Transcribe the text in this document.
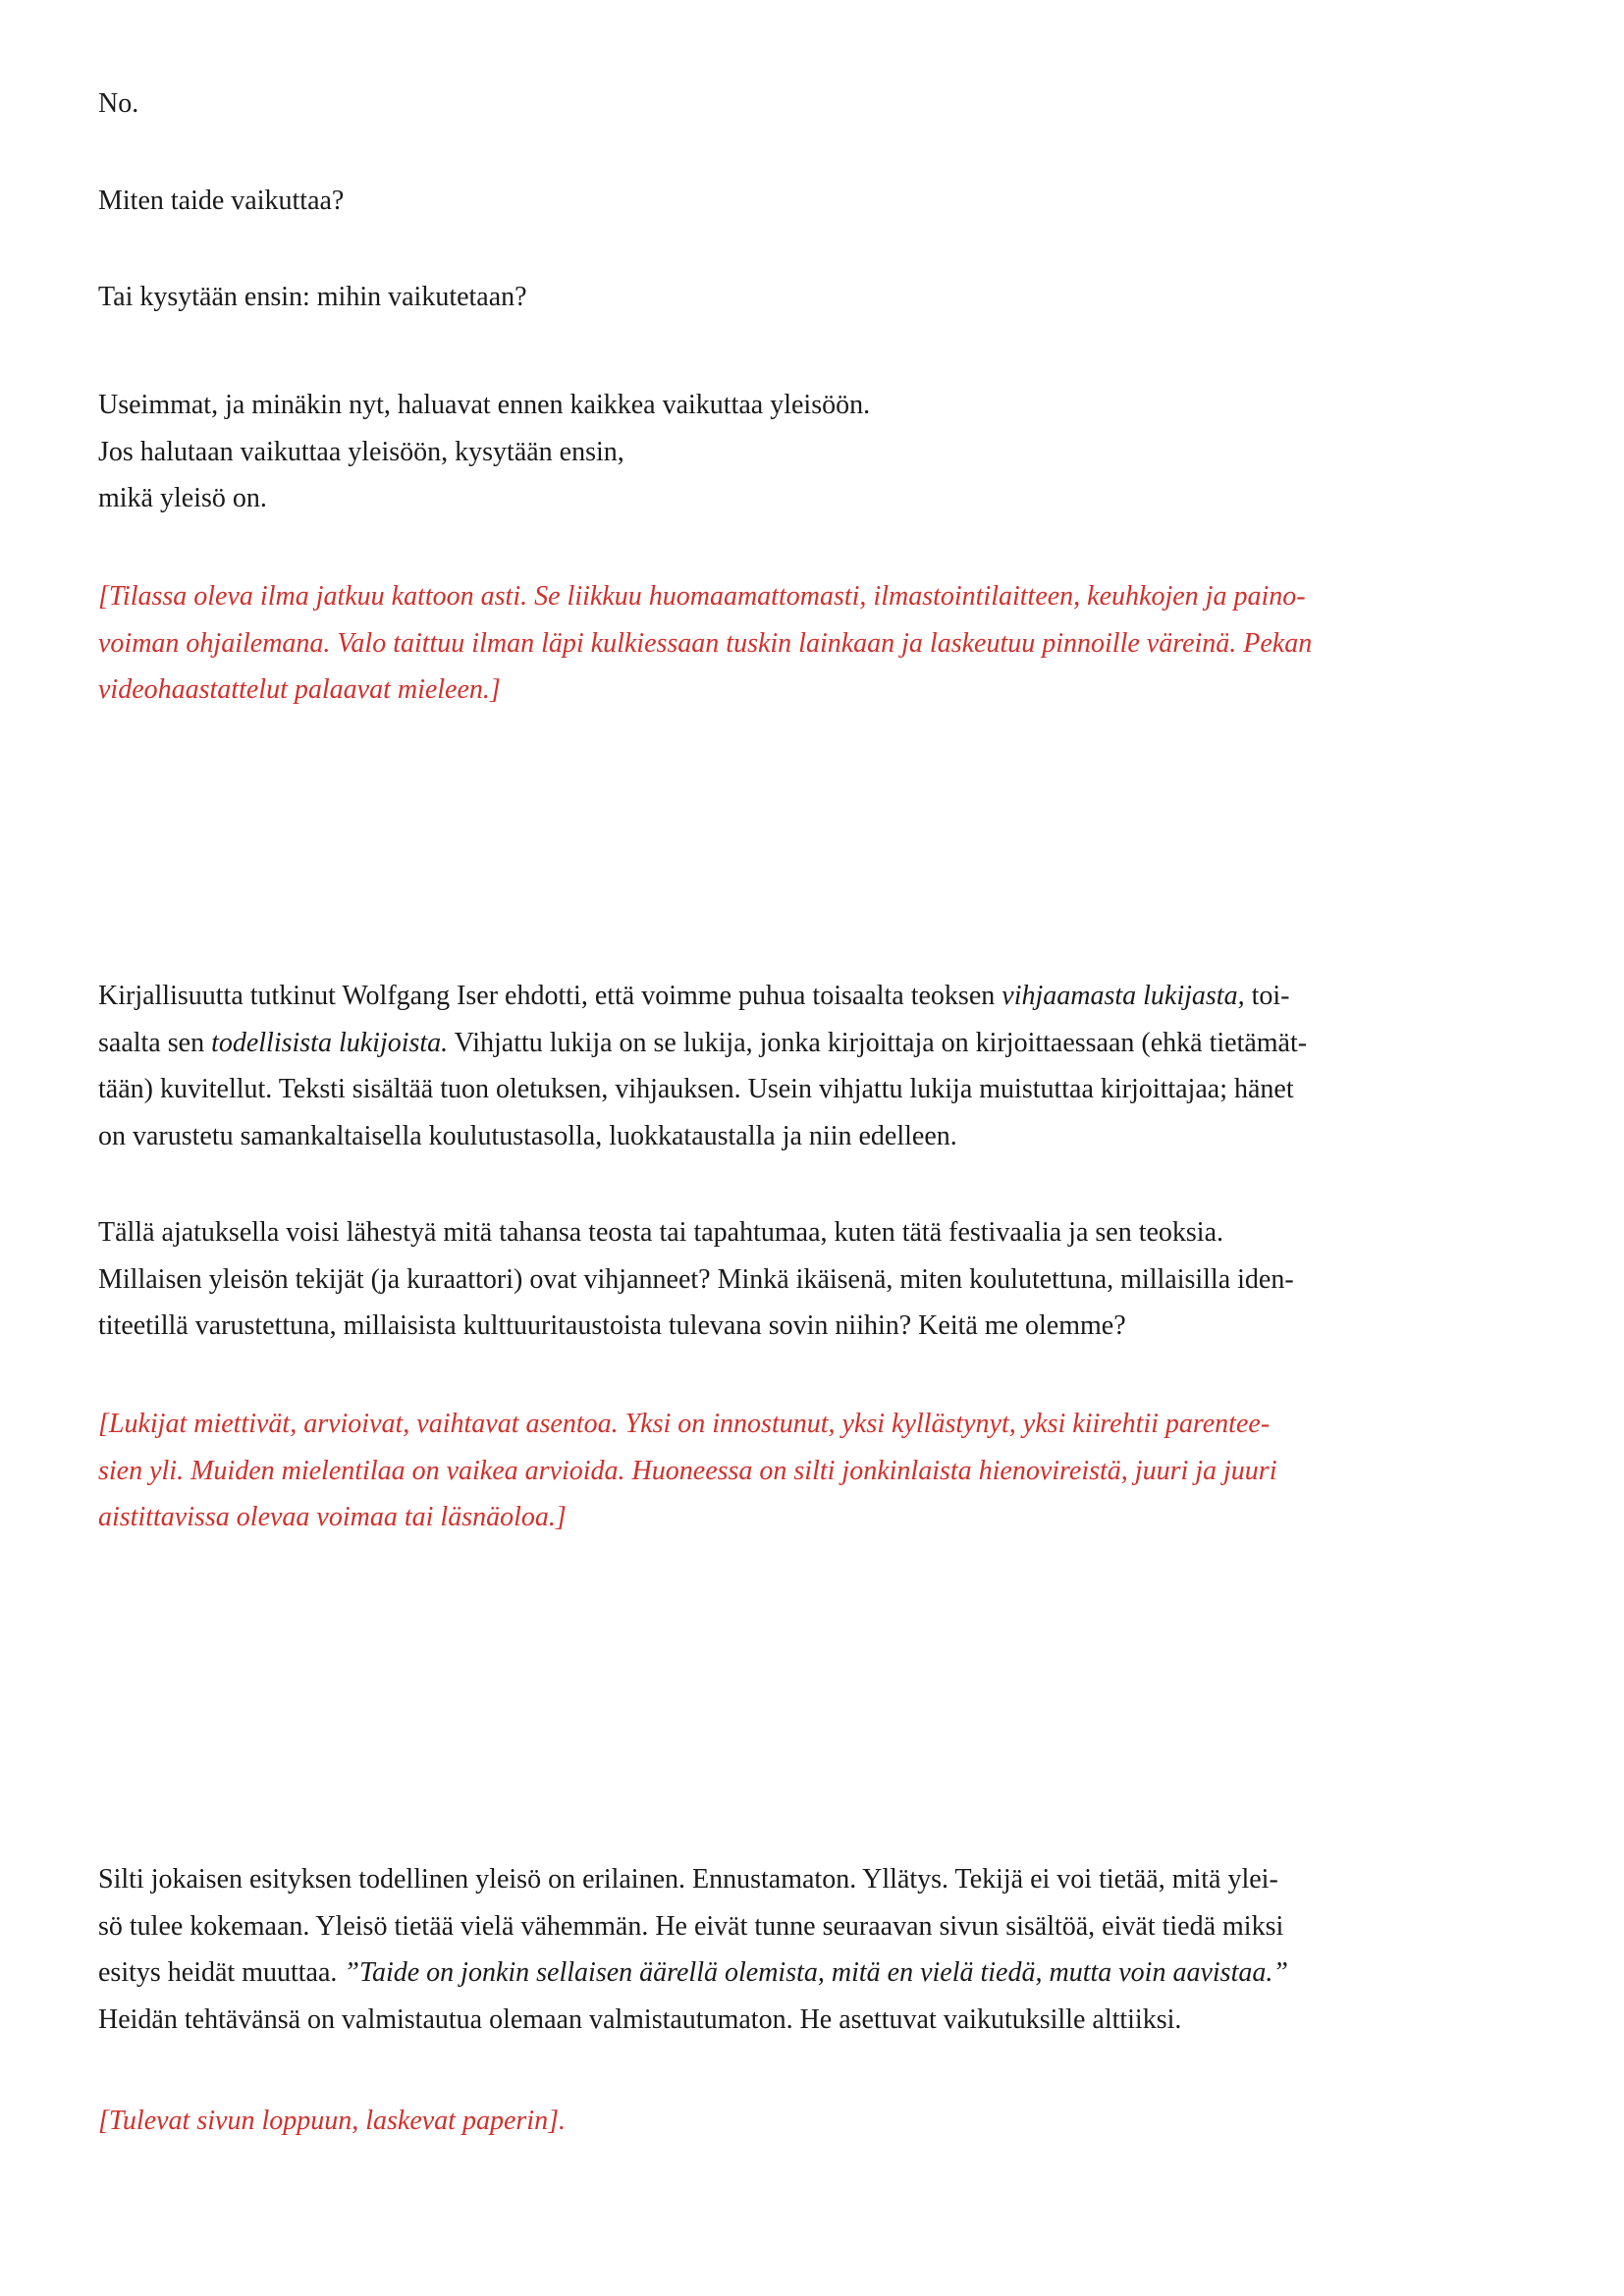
No.
Miten taide vaikuttaa?
Tai kysytään ensin: mihin vaikutetaan?
Useimmat, ja minäkin nyt, haluavat ennen kaikkea vaikuttaa yleisöön.
Jos halutaan vaikuttaa yleisöön, kysytään ensin,
mikä yleisö on.
[Tilassa oleva ilma jatkuu kattoon asti. Se liikkuu huomaamattomasti, ilmastointilaitteen, keuhkojen ja paino-
voiman ohjailemana. Valo taittuu ilman läpi kulkiessaan tuskin lainkaan ja laskeutuu pinnoille väreinä. Pekan
videohaastattelut palaavat mieleen.]
Kirjallisuutta tutkinut Wolfgang Iser ehdotti, että voimme puhua toisaalta teoksen vihjaamasta lukijasta, toi-
saalta sen todellisista lukijoista. Vihjattu lukija on se lukija, jonka kirjoittaja on kirjoittaessaan (ehkä tietämät-
tään) kuvitellut. Teksti sisältää tuon oletuksen, vihjauksen. Usein vihjattu lukija muistuttaa kirjoittajaa; hänet
on varustetu samankaltaisella koulutustasolla, luokkataustalla ja niin edelleen.
Tällä ajatuksella voisi lähestyä mitä tahansa teosta tai tapahtumaa, kuten tätä festivaalia ja sen teoksia.
Millaisen yleisön tekijät (ja kuraattori) ovat vihjanneet? Minkä ikäisenä, miten koulutettuna, millaisilla iden-
titeetillä varustettuna, millaisista kulttuuritaustoista tulevana sovin niihin? Keitä me olemme?
[Lukijat miettivät, arvioivat, vaihtavat asentoa. Yksi on innostunut, yksi kyllästynyt, yksi kiirehtii parentee-
sien yli. Muiden mielentilaa on vaikea arvioida. Huoneessa on silti jonkinlaista hienovireistä, juuri ja juuri
aistittavissa olevaa voimaa tai läsnäoloa.]
Silti jokaisen esityksen todellinen yleisö on erilainen. Ennustamaton. Yllätys. Tekijä ei voi tietää, mitä ylei-
sö tulee kokemaan. Yleisö tietää vielä vähemmän. He eivät tunne seuraavan sivun sisältöä, eivät tiedä miksi
esitys heidät muuttaa. ”Taide on jonkin sellaisen äärellä olemista, mitä en vielä tiedä, mutta voin aavistaa.”
Heidän tehtävänsä on valmistautua olemaan valmistautumaton. He asettuvat vaikutuksille alttiiksi.
[Tulevat sivun loppuun, laskevat paperin].
